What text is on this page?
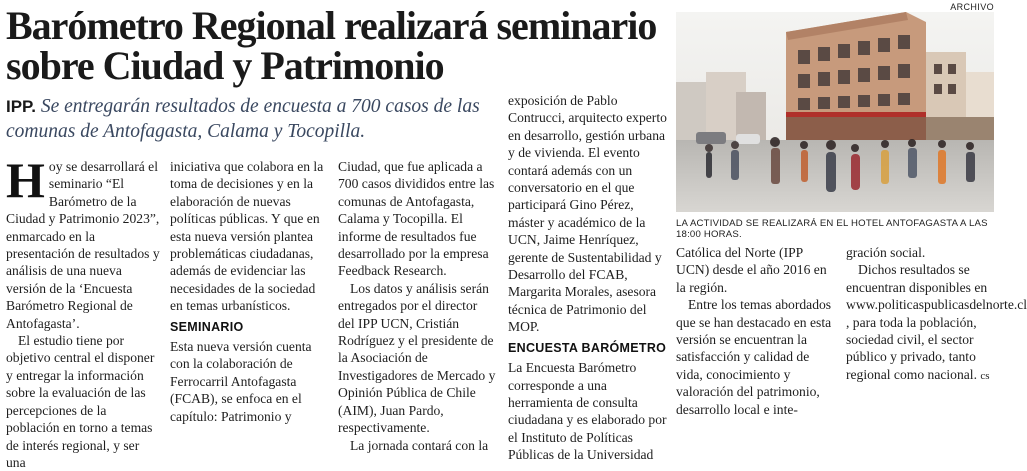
ARCHIVO
Barómetro Regional realizará seminario sobre Ciudad y Patrimonio
IPP. Se entregarán resultados de encuesta a 700 casos de las comunas de Antofagasta, Calama y Tocopilla.
LA ACTIVIDAD SE REALIZARÁ EN EL HOTEL ANTOFAGASTA A LAS 18:00 HORAS.

Hoy se desarrollará el seminario “El Barómetro de la Ciudad y Patrimonio 2023”, enmarcado en la presentación de resultados y análisis de una nueva versión de la ‘Encuesta Barómetro Regional de Antofagasta’.

El estudio tiene por objetivo central el disponer y entregar la información sobre la evaluación de las percepciones de la población en torno a temas de interés regional, y ser una

iniciativa que colabora en la toma de decisiones y en la elaboración de nuevas políticas públicas. Y que en esta nueva versión plantea problemáticas ciudadanas, además de evidenciar las necesidades de la sociedad en temas urbanísticos.

SEMINARIO

Esta nueva versión cuenta con la colaboración de Ferrocarril Antofagasta (FCAB), se enfoca en el capítulo: Patrimonio y

Ciudad, que fue aplicada a 700 casos divididos entre las comunas de Antofagasta, Calama y Tocopilla. El informe de resultados fue desarrollado por la empresa Feedback Research.

Los datos y análisis serán entregados por el director del IPP UCN, Cristián Rodríguez y el presidente de la Asociación de Investigadores de Mercado y Opinión Pública de Chile (AIM), Juan Pardo, respectivamente.

La jornada contará con la

exposición de Pablo Contrucci, arquitecto experto en desarrollo, gestión urbana y de vivienda. El evento contará además con un conversatorio en el que participará Gino Pérez, máster y académico de la UCN, Jaime Henríquez, gerente de Sustentabilidad y Desarrollo del FCAB, Margarita Morales, asesora técnica de Patrimonio del MOP.

ENCUESTA BARÓMETRO

La Encuesta Barómetro corresponde a una herramienta de consulta ciudadana y es elaborado por el Instituto de Políticas Públicas de la Universidad

Católica del Norte (IPP UCN) desde el año 2016 en la región.

Entre los temas abordados que se han destacado en esta versión se encuentran la satisfacción y calidad de vida, conocimiento y valoración del patrimonio, desarrollo local e inte-

gración social.

Dichos resultados se encuentran disponibles en www.politicaspublicasdelnorte.cl , para toda la población, sociedad civil, el sector público y privado, tanto regional como nacional. cs
